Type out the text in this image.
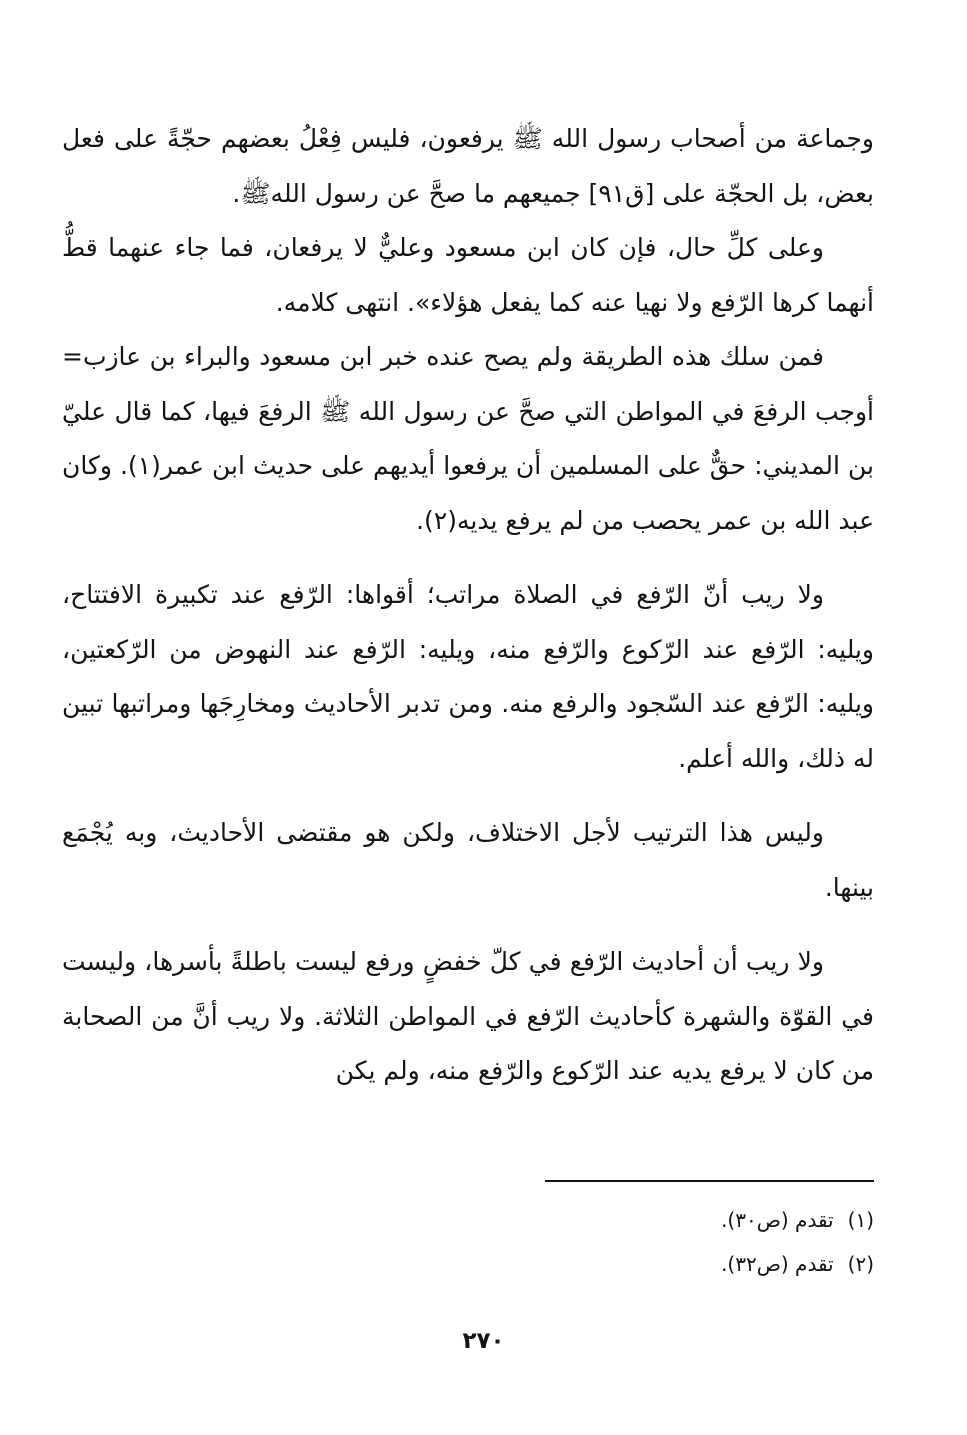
وجماعة من أصحاب رسول الله ﷺ يرفعون، فليس فِعْلُ بعضهم حجّةً على فعل بعض، بل الحجّة على [ق٩١] جميعهم ما صحَّ عن رسول اللهﷺ.

وعلى كلِّ حال، فإن كان ابن مسعود وعليٌّ لا يرفعان، فما جاء عنهما قطُّ أنهما كرها الرّفع ولا نهيا عنه كما يفعل هؤلاء». انتهى كلامه.

فمن سلك هذه الطريقة ولم يصح عنده خبر ابن مسعود والبراء بن عازب= أوجب الرفعَ في المواطن التي صحَّ عن رسول الله ﷺ الرفعَ فيها، كما قال عليّ بن المديني: حقٌّ على المسلمين أن يرفعوا أيديهم على حديث ابن عمر(١). وكان عبد الله بن عمر يحصب من لم يرفع يديه(٢).

ولا ريب أنّ الرّفع في الصلاة مراتب؛ أقواها: الرّفع عند تكبيرة الافتتاح، ويليه: الرّفع عند الرّكوع والرّفع منه، ويليه: الرّفع عند النهوض من الرّكعتين، ويليه: الرّفع عند السّجود والرفع منه. ومن تدبر الأحاديث ومخارِجَها ومراتبها تبين له ذلك، والله أعلم.

وليس هذا الترتيب لأجل الاختلاف، ولكن هو مقتضى الأحاديث، وبه يُجْمَع بينها.

ولا ريب أن أحاديث الرّفع في كلّ خفضٍ ورفع ليست باطلةً بأسرها، وليست في القوّة والشهرة كأحاديث الرّفع في المواطن الثلاثة. ولا ريب أنَّ من الصحابة من كان لا يرفع يديه عند الرّكوع والرّفع منه، ولم يكن

(١)تقدم (ص٣٠).
(٢)تقدم (ص٣٢).
٢٧٠
